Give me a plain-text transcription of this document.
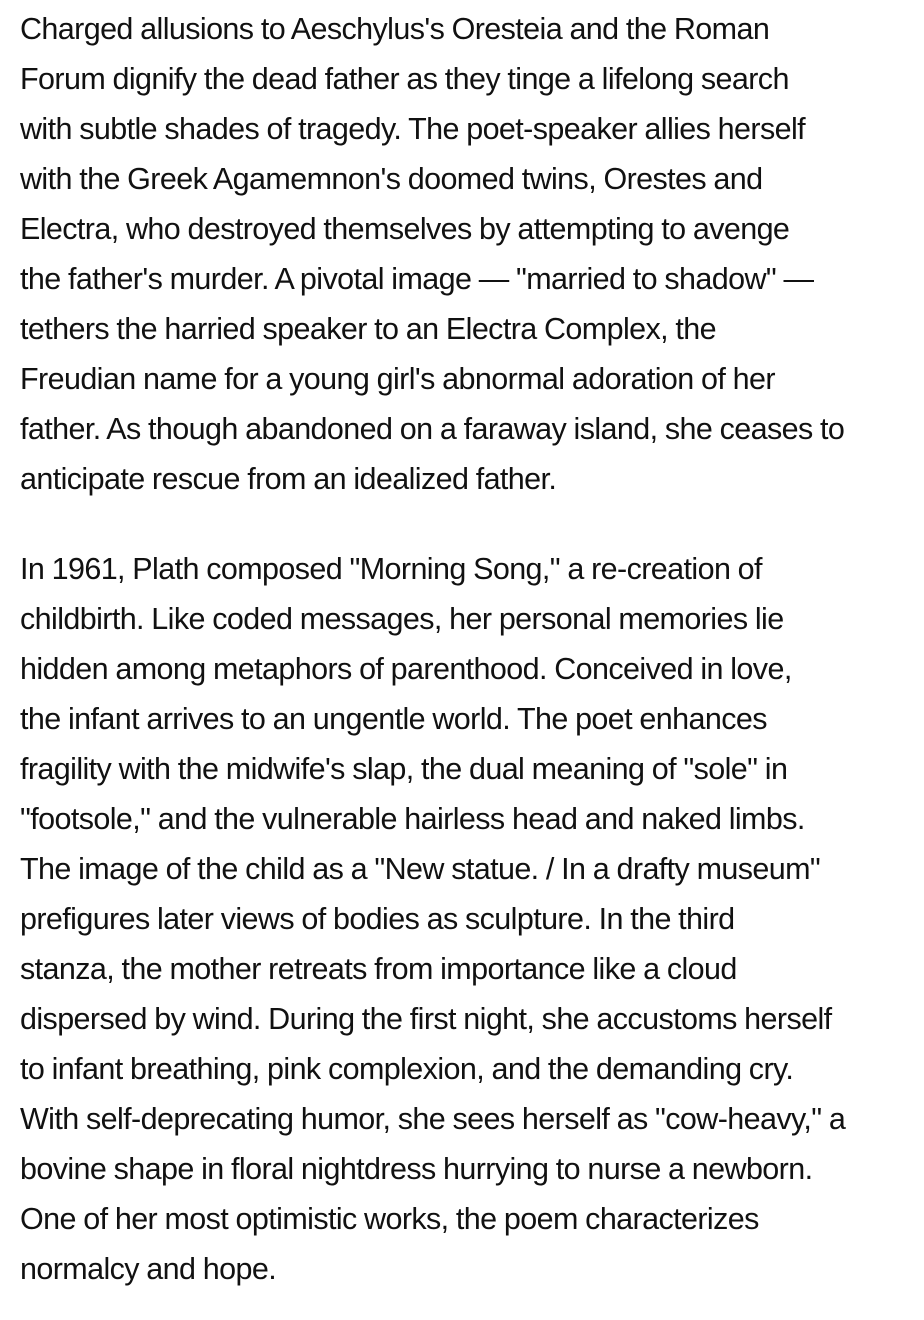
Charged allusions to Aeschylus's Oresteia and the Roman
Forum dignify the dead father as they tinge a lifelong search
with subtle shades of tragedy. The poet-speaker allies herself
with the Greek Agamemnon's doomed twins, Orestes and
Electra, who destroyed themselves by attempting to avenge
the father's murder. A pivotal image — "married to shadow" —
tethers the harried speaker to an Electra Complex, the
Freudian name for a young girl's abnormal adoration of her
father. As though abandoned on a faraway island, she ceases to
anticipate rescue from an idealized father.

In 1961, Plath composed "Morning Song," a re-creation of
childbirth. Like coded messages, her personal memories lie
hidden among metaphors of parenthood. Conceived in love,
the infant arrives to an ungentle world. The poet enhances
fragility with the midwife's slap, the dual meaning of "sole" in
"footsole," and the vulnerable hairless head and naked limbs.
The image of the child as a "New statue. / In a drafty museum"
prefigures later views of bodies as sculpture. In the third
stanza, the mother retreats from importance like a cloud
dispersed by wind. During the first night, she accustoms herself
to infant breathing, pink complexion, and the demanding cry.
With self-deprecating humor, she sees herself as "cow-heavy," a
bovine shape in floral nightdress hurrying to nurse a newborn.
One of her most optimistic works, the poem characterizes
normalcy and hope.
